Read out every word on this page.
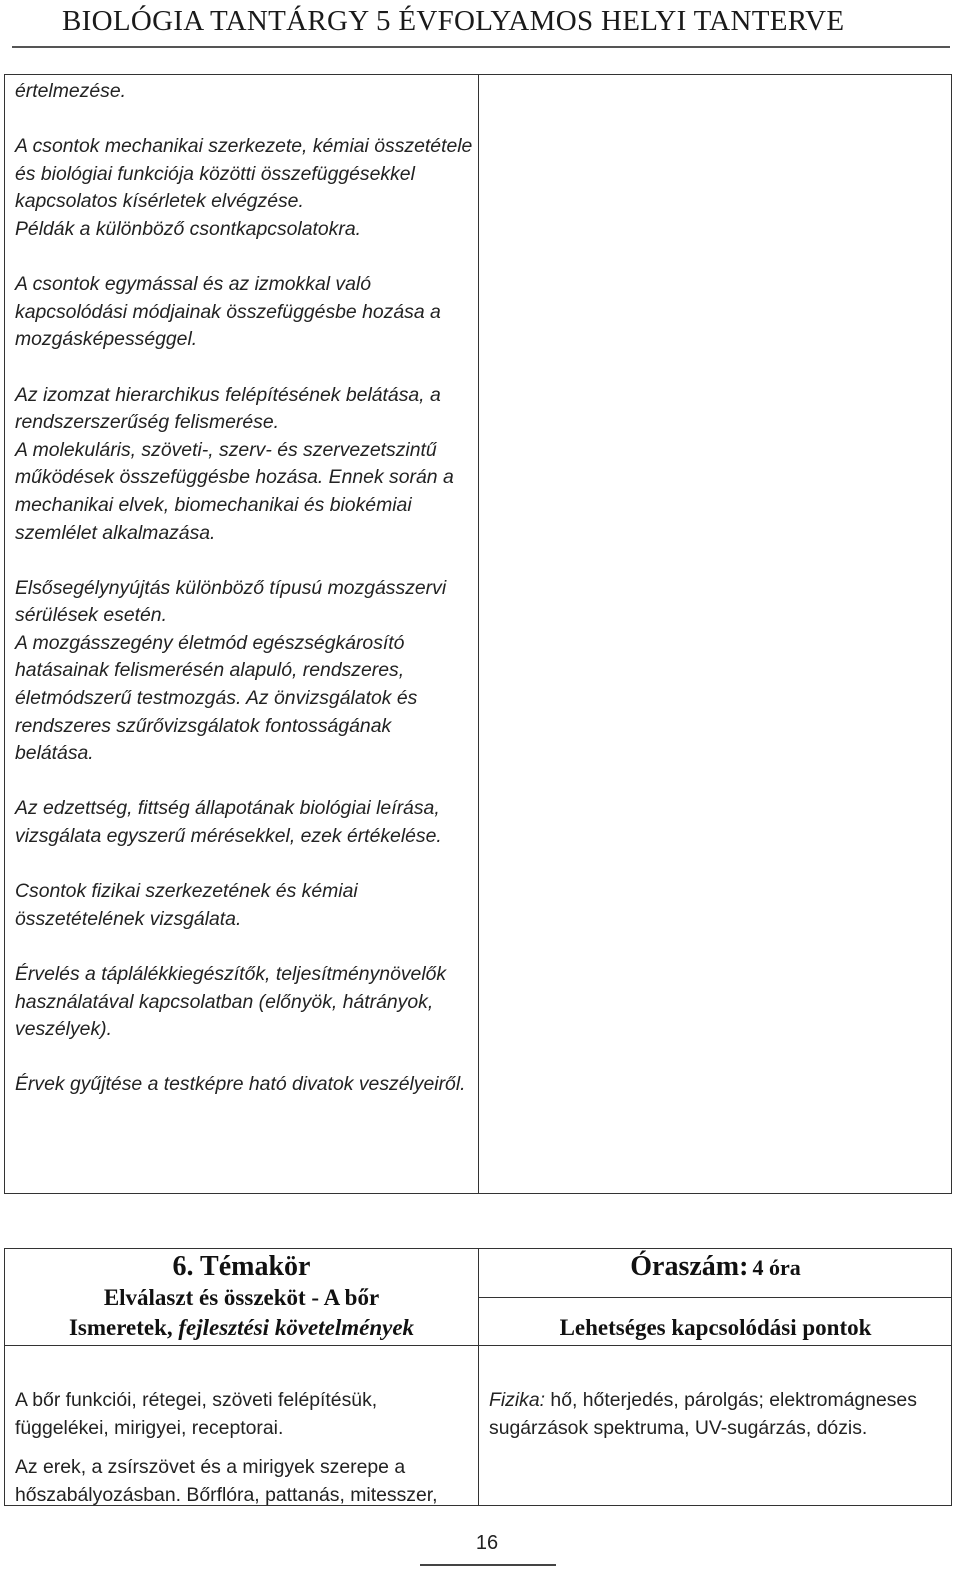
BIOLÓGIA TANTÁRGY 5 ÉVFOLYAMOS HELYI TANTERVE

értelmezése.

A csontok mechanikai szerkezete, kémiai összetétele és biológiai funkciója közötti összefüggésekkel kapcsolatos kísérletek elvégzése.

Példák a különböző csontkapcsolatokra.

A csontok egymással és az izmokkal való kapcsolódási módjainak összefüggésbe hozása a mozgásképességgel.

Az izomzat hierarchikus felépítésének belátása, a rendszerszerűség felismerése.

A molekuláris, szöveti-, szerv- és szervezetszintű működések összefüggésbe hozása. Ennek során a mechanikai elvek, biomechanikai és biokémiai szemlélet alkalmazása.

Elsősegélynyújtás különböző típusú mozgásszervi sérülések esetén.

A mozgásszegény életmód egészségkárosító hatásainak felismerésén alapuló, rendszeres, életmódszerű testmozgás. Az önvizsgálatok és rendszeres szűrővizsgálatok fontosságának belátása.

Az edzettség, fittség állapotának biológiai leírása, vizsgálata egyszerű mérésekkel, ezek értékelése.

Csontok fizikai szerkezetének és kémiai összetételének vizsgálata.

Érvelés a táplálékkiegészítők, teljesítménynövelők használatával kapcsolatban (előnyök, hátrányok, veszélyek).

Érvek gyűjtése a testképre ható divatok veszélyeiről.

6. Témakör
Elválaszt és összeköt - A bőr
Ismeretek, fejlesztési követelmények
Óraszám: 4 óra
Lehetséges kapcsolódási pontok

A bőr funkciói, rétegei, szöveti felépítésük, függelékei, mirigyei, receptorai.

Az erek, a zsírszövet és a mirigyek szerepe a hőszabályozásban. Bőrflóra, pattanás, mitesszer,

Fizika: hő, hőterjedés, párolgás; elektromágneses sugárzások spektruma, UV-sugárzás, dózis.

16
